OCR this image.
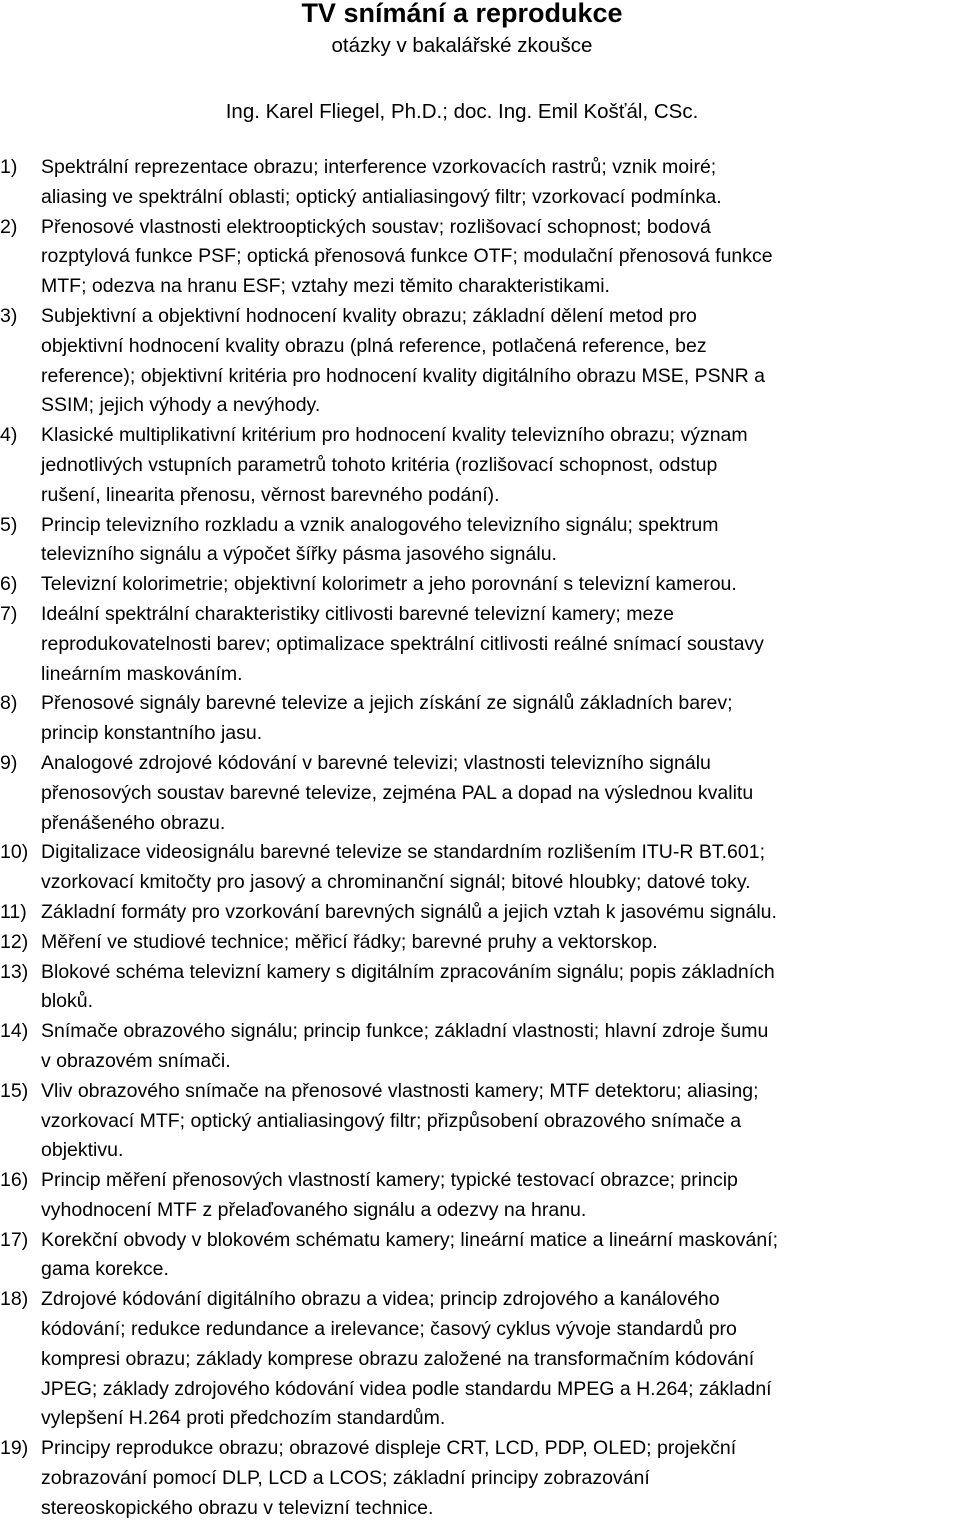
TV snímání a reprodukce
otázky v bakalářské zkoušce
Ing. Karel Fliegel, Ph.D.; doc. Ing. Emil Košťál, CSc.
1) Spektrální reprezentace obrazu; interference vzorkovacích rastrů; vznik moiré;
aliasing ve spektrální oblasti; optický antialiasingový filtr; vzorkovací podmínka.
2) Přenosové vlastnosti elektrooptických soustav; rozlišovací schopnost; bodová
rozptylová funkce PSF; optická přenosová funkce OTF; modulační přenosová funkce
MTF; odezva na hranu ESF; vztahy mezi těmito charakteristikami.
3) Subjektivní a objektivní hodnocení kvality obrazu; základní dělení metod pro
objektivní hodnocení kvality obrazu (plná reference, potlačená reference, bez
reference); objektivní kritéria pro hodnocení kvality digitálního obrazu MSE, PSNR a
SSIM; jejich výhody a nevýhody.
4) Klasické multiplikativní kritérium pro hodnocení kvality televizního obrazu; význam
jednotlivých vstupních parametrů tohoto kritéria (rozlišovací schopnost, odstup
rušení, linearita přenosu, věrnost barevného podání).
5) Princip televizního rozkladu a vznik analogového televizního signálu; spektrum
televizního signálu a výpočet šířky pásma jasového signálu.
6) Televizní kolorimetrie; objektivní kolorimetr a jeho porovnání s televizní kamerou.
7) Ideální spektrální charakteristiky citlivosti barevné televizní kamery; meze
reprodukovatelnosti barev; optimalizace spektrální citlivosti reálné snímací soustavy
lineárním maskováním.
8) Přenosové signály barevné televize a jejich získání ze signálů základních barev;
princip konstantního jasu.
9) Analogové zdrojové kódování v barevné televizi; vlastnosti televizního signálu
přenosových soustav barevné televize, zejména PAL a dopad na výslednou kvalitu
přenášeného obrazu.
10) Digitalizace videosignálu barevné televize se standardním rozlišením ITU-R BT.601;
vzorkovací kmitočty pro jasový a chrominanční signál; bitové hloubky; datové toky.
11) Základní formáty pro vzorkování barevných signálů a jejich vztah k jasovému signálu.
12) Měření ve studiové technice; měřicí řádky; barevné pruhy a vektorskop.
13) Blokové schéma televizní kamery s digitálním zpracováním signálu; popis základních
bloků.
14) Snímače obrazového signálu; princip funkce; základní vlastnosti; hlavní zdroje šumu
v obrazovém snímači.
15) Vliv obrazového snímače na přenosové vlastnosti kamery; MTF detektoru; aliasing;
vzorkovací MTF; optický antialiasingový filtr; přizpůsobení obrazového snímače a
objektivu.
16) Princip měření přenosových vlastností kamery; typické testovací obrazce; princip
vyhodnocení MTF z přelaďovaného signálu a odezvy na hranu.
17) Korekční obvody v blokovém schématu kamery; lineární matice a lineární maskování;
gama korekce.
18) Zdrojové kódování digitálního obrazu a videa; princip zdrojového a kanálového
kódování; redukce redundance a irelevance; časový cyklus vývoje standardů pro
kompresi obrazu; základy komprese obrazu založené na transformačním kódování
JPEG; základy zdrojového kódování videa podle standardu MPEG a H.264; základní
vylepšení H.264 proti předchozím standardům.
19) Principy reprodukce obrazu; obrazové displeje CRT, LCD, PDP, OLED; projekční
zobrazování pomocí DLP, LCD a LCOS; základní principy zobrazování
stereoskopického obrazu v televizní technice.
